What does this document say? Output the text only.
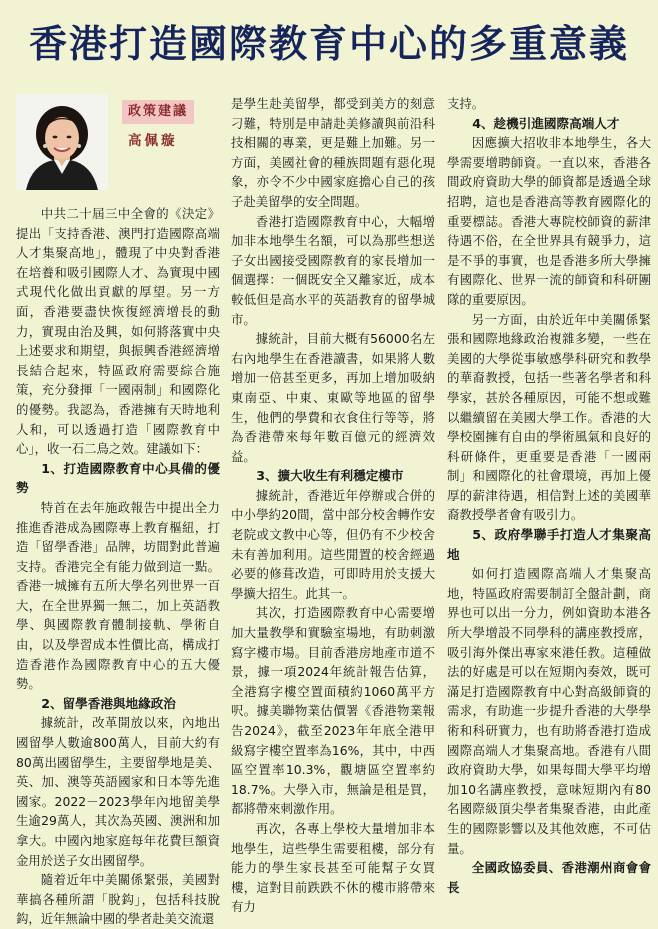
香港打造國際教育中心的多重意義
政策建議
高佩璇

中共二十屆三中全會的《決定》提出「支持香港、澳門打造國際高端人才集聚高地」，體現了中央對香港在培養和吸引國際人才、為實現中國式現代化做出貢獻的厚望。另一方面，香港要盡快恢復經濟增長的動力，實現由治及興，如何將落實中央上述要求和期望，與振興香港經濟增長結合起來，特區政府需要綜合施策，充分發揮「一國兩制」和國際化的優勢。我認為，香港擁有天時地利人和，可以透過打造「國際教育中心」，收一石二鳥之效。建議如下：

1、打造國際教育中心具備的優勢

特首在去年施政報告中提出全力推進香港成為國際專上教育樞紐，打造「留學香港」品牌，坊間對此普遍支持。香港完全有能力做到這一點。香港一城擁有五所大學名列世界一百大，在全世界獨一無二，加上英語教學、與國際教育體制接軌、學術自由，以及學習成本性價比高，構成打造香港作為國際教育中心的五大優勢。

2、留學香港與地緣政治

據統計，改革開放以來，內地出國留學人數逾800萬人，目前大約有80萬出國留學生，主要留學地是美、英、加、澳等英語國家和日本等先進國家。2022－2023學年內地留美學生逾29萬人，其次為英國、澳洲和加拿大。中國內地家庭每年花費巨額資金用於送子女出國留學。

隨着近年中美關係緊張，美國對華搞各種所謂「脫鈎」，包括科技脫鈎，近年無論中國的學者赴美交流還

是學生赴美留學，都受到美方的刻意刁難，特別是申請赴美修讀與前沿科技相關的專業，更是難上加難。另一方面，美國社會的種族問題有惡化現象，亦令不少中國家庭擔心自己的孩子赴美留學的安全問題。

香港打造國際教育中心，大幅增加非本地學生名額，可以為那些想送子女出國接受國際教育的家長增加一個選擇：一個既安全又離家近，成本較低但是高水平的英語教育的留學城市。

據統計，目前大概有56000名左右內地學生在香港讀書，如果將人數增加一倍甚至更多，再加上增加吸納東南亞、中東、東歐等地區的留學生，他們的學費和衣食住行等等，將為香港帶來每年數百億元的經濟效益。

3、擴大收生有利穩定樓市

據統計，香港近年停辦或合併的中小學約20間，當中部分校舍轉作安老院或文教中心等，但仍有不少校舍未有善加利用。這些閒置的校舍經過必要的修葺改造，可即時用於支援大學擴大招生。此其一。

其次，打造國際教育中心需要增加大量教學和實驗室場地，有助刺激寫字樓市場。目前香港房地產市道不景，據一項2024年統計報告估算，全港寫字樓空置面積約1060萬平方呎。據美聯物業估價署《香港物業報告2024》，截至2023年年底全港甲級寫字樓空置率為16%，其中，中西區空置率10.3%，觀塘區空置率約18.7%。大學入市，無論是租是買，都將帶來刺激作用。

再次，各專上學校大量增加非本地學生，這些學生需要租樓，部分有能力的學生家長甚至可能幫子女買樓，這對目前跌跌不休的樓市將帶來有力

支持。

4、趁機引進國際高端人才

因應擴大招收非本地學生，各大學需要增聘師資。一直以來，香港各間政府資助大學的師資都是透過全球招聘，這也是香港高等教育國際化的重要標誌。香港大專院校師資的薪津待遇不俗，在全世界具有競爭力，這是不爭的事實，也是香港多所大學擁有國際化、世界一流的師資和科研團隊的重要原因。

另一方面，由於近年中美關係緊張和國際地緣政治複雜多變，一些在美國的大學從事敏感學科研究和教學的華裔教授，包括一些著名學者和科學家，甚於各種原因，可能不想或難以繼續留在美國大學工作。香港的大學校園擁有自由的學術風氣和良好的科研條件，更重要是香港「一國兩制」和國際化的社會環境，再加上優厚的薪津待遇，相信對上述的美國華裔教授學者會有吸引力。

5、政府學聯手打造人才集聚高地

如何打造國際高端人才集聚高地，特區政府需要制訂全盤計劃，商界也可以出一分力，例如資助本港各所大學增設不同學科的講座教授席，吸引海外傑出專家來港任教。這種做法的好處是可以在短期內奏效，既可滿足打造國際教育中心對高級師資的需求，有助進一步提升香港的大學學術和科研實力，也有助將香港打造成國際高端人才集聚高地。香港有八間政府資助大學，如果每間大學平均增加10名講座教授，意味短期內有80名國際級頂尖學者集聚香港，由此產生的國際影響以及其他效應，不可估量。

全國政協委員、香港潮州商會會長
